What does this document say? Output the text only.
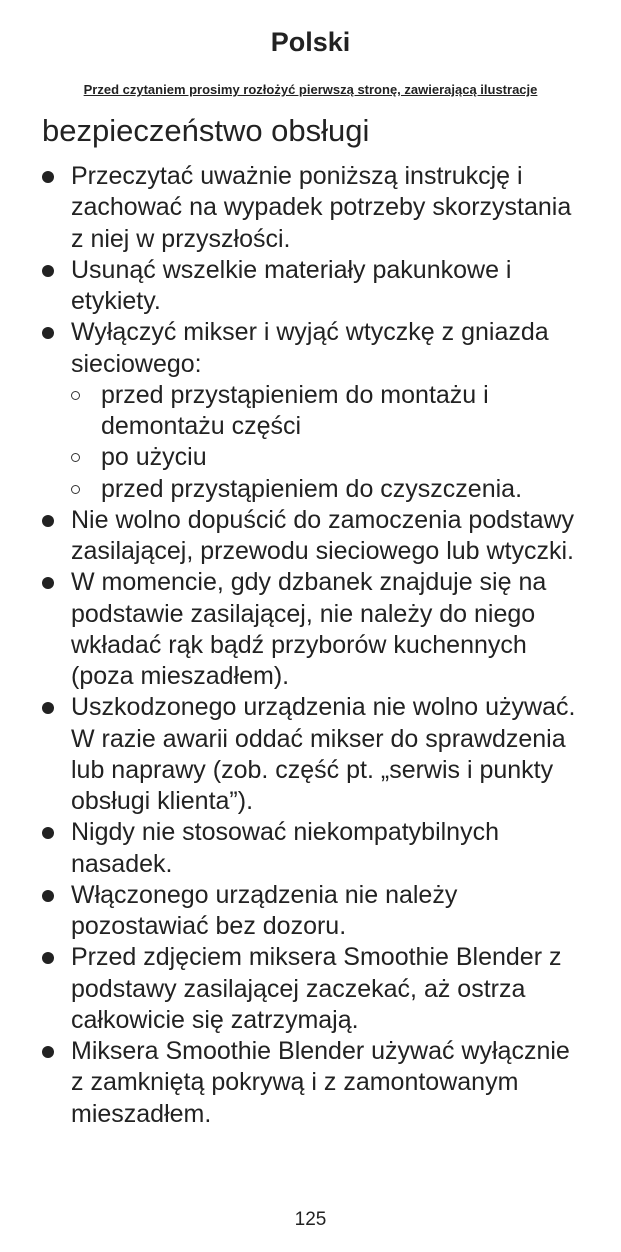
Polski
Przed czytaniem prosimy rozłożyć pierwszą stronę, zawierającą ilustracje
bezpieczeństwo obsługi
Przeczytać uważnie poniższą instrukcję i zachować na wypadek potrzeby skorzystania z niej w przyszłości.
Usunąć wszelkie materiały pakunkowe i etykiety.
Wyłączyć mikser i wyjąć wtyczkę z gniazda sieciowego:
przed przystąpieniem do montażu i demontażu części
po użyciu
przed przystąpieniem do czyszczenia.
Nie wolno dopuścić do zamoczenia podstawy zasilającej, przewodu sieciowego lub wtyczki.
W momencie, gdy dzbanek znajduje się na podstawie zasilającej, nie należy do niego wkładać rąk bądź przyborów kuchennych (poza mieszadłem).
Uszkodzonego urządzenia nie wolno używać. W razie awarii oddać mikser do sprawdzenia lub naprawy (zob. część pt. „serwis i punkty obsługi klienta”).
Nigdy nie stosować niekompatybilnych nasadek.
Włączonego urządzenia nie należy pozostawiać bez dozoru.
Przed zdjęciem miksera Smoothie Blender z podstawy zasilającej zaczekać, aż ostrza całkowicie się zatrzymają.
Miksera Smoothie Blender używać wyłącznie z zamkniętą pokrywą i z zamontowanym mieszadłem.
125
